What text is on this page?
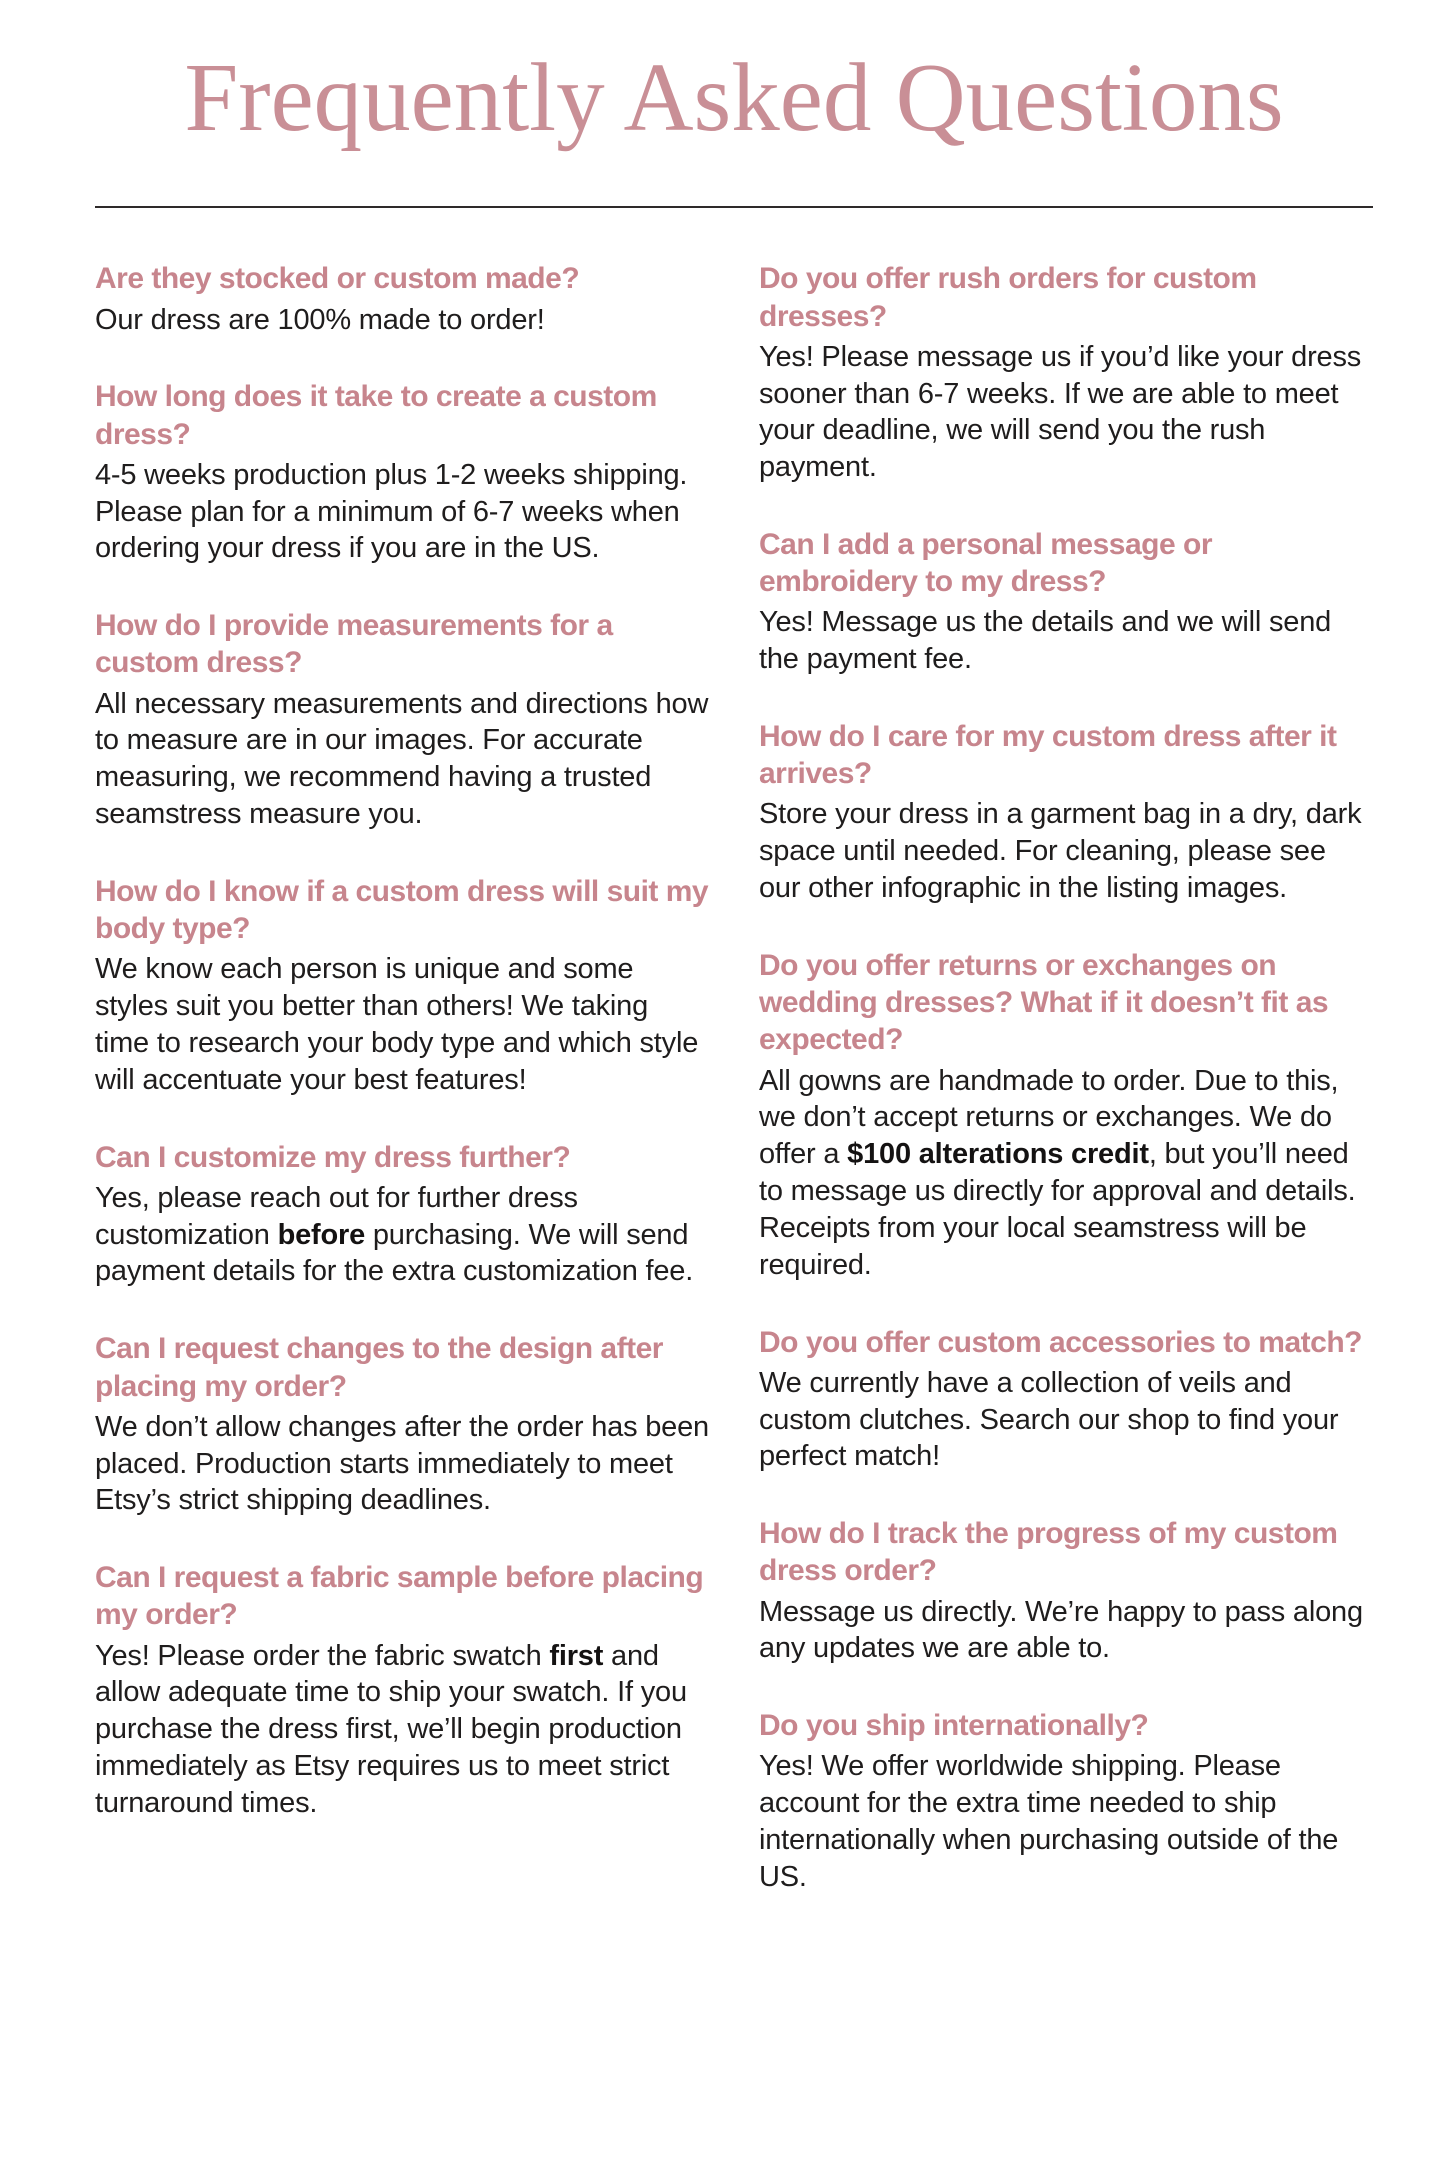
Frequently Asked Questions
Are they stocked or custom made?

Our dress are 100% made to order!

How long does it take to create a custom dress?

4-5 weeks production plus 1-2 weeks shipping. Please plan for a minimum of 6-7 weeks when ordering your dress if you are in the US.

How do I provide measurements for a custom dress?

All necessary measurements and directions how to measure are in our images. For accurate measuring, we recommend having a trusted seamstress measure you.

How do I know if a custom dress will suit my body type?

We know each person is unique and some styles suit you better than others! We taking time to research your body type and which style will accentuate your best features!

Can I customize my dress further?

Yes, please reach out for further dress customization before purchasing. We will send payment details for the extra customization fee.

Can I request changes to the design after placing my order?

We don’t allow changes after the order has been placed. Production starts immediately to meet Etsy’s strict shipping deadlines.

Can I request a fabric sample before placing my order?

Yes! Please order the fabric swatch first and allow adequate time to ship your swatch. If you purchase the dress first, we’ll begin production immediately as Etsy requires us to meet strict turnaround times.

Do you offer rush orders for custom dresses?

Yes! Please message us if you’d like your dress sooner than 6-7 weeks. If we are able to meet your deadline, we will send you the rush payment.

Can I add a personal message or embroidery to my dress?

Yes! Message us the details and we will send the payment fee.

How do I care for my custom dress after it arrives?

Store your dress in a garment bag in a dry, dark space until needed. For cleaning, please see our other infographic in the listing images.

Do you offer returns or exchanges on wedding dresses? What if it doesn’t fit as expected?

All gowns are handmade to order. Due to this, we don’t accept returns or exchanges. We do offer a $100 alterations credit, but you’ll need to message us directly for approval and details. Receipts from your local seamstress will be required.

Do you offer custom accessories to match?

We currently have a collection of veils and custom clutches. Search our shop to find your perfect match!

How do I track the progress of my custom dress order?

Message us directly. We’re happy to pass along any updates we are able to.

Do you ship internationally?

Yes! We offer worldwide shipping. Please account for the extra time needed to ship internationally when purchasing outside of the US.
